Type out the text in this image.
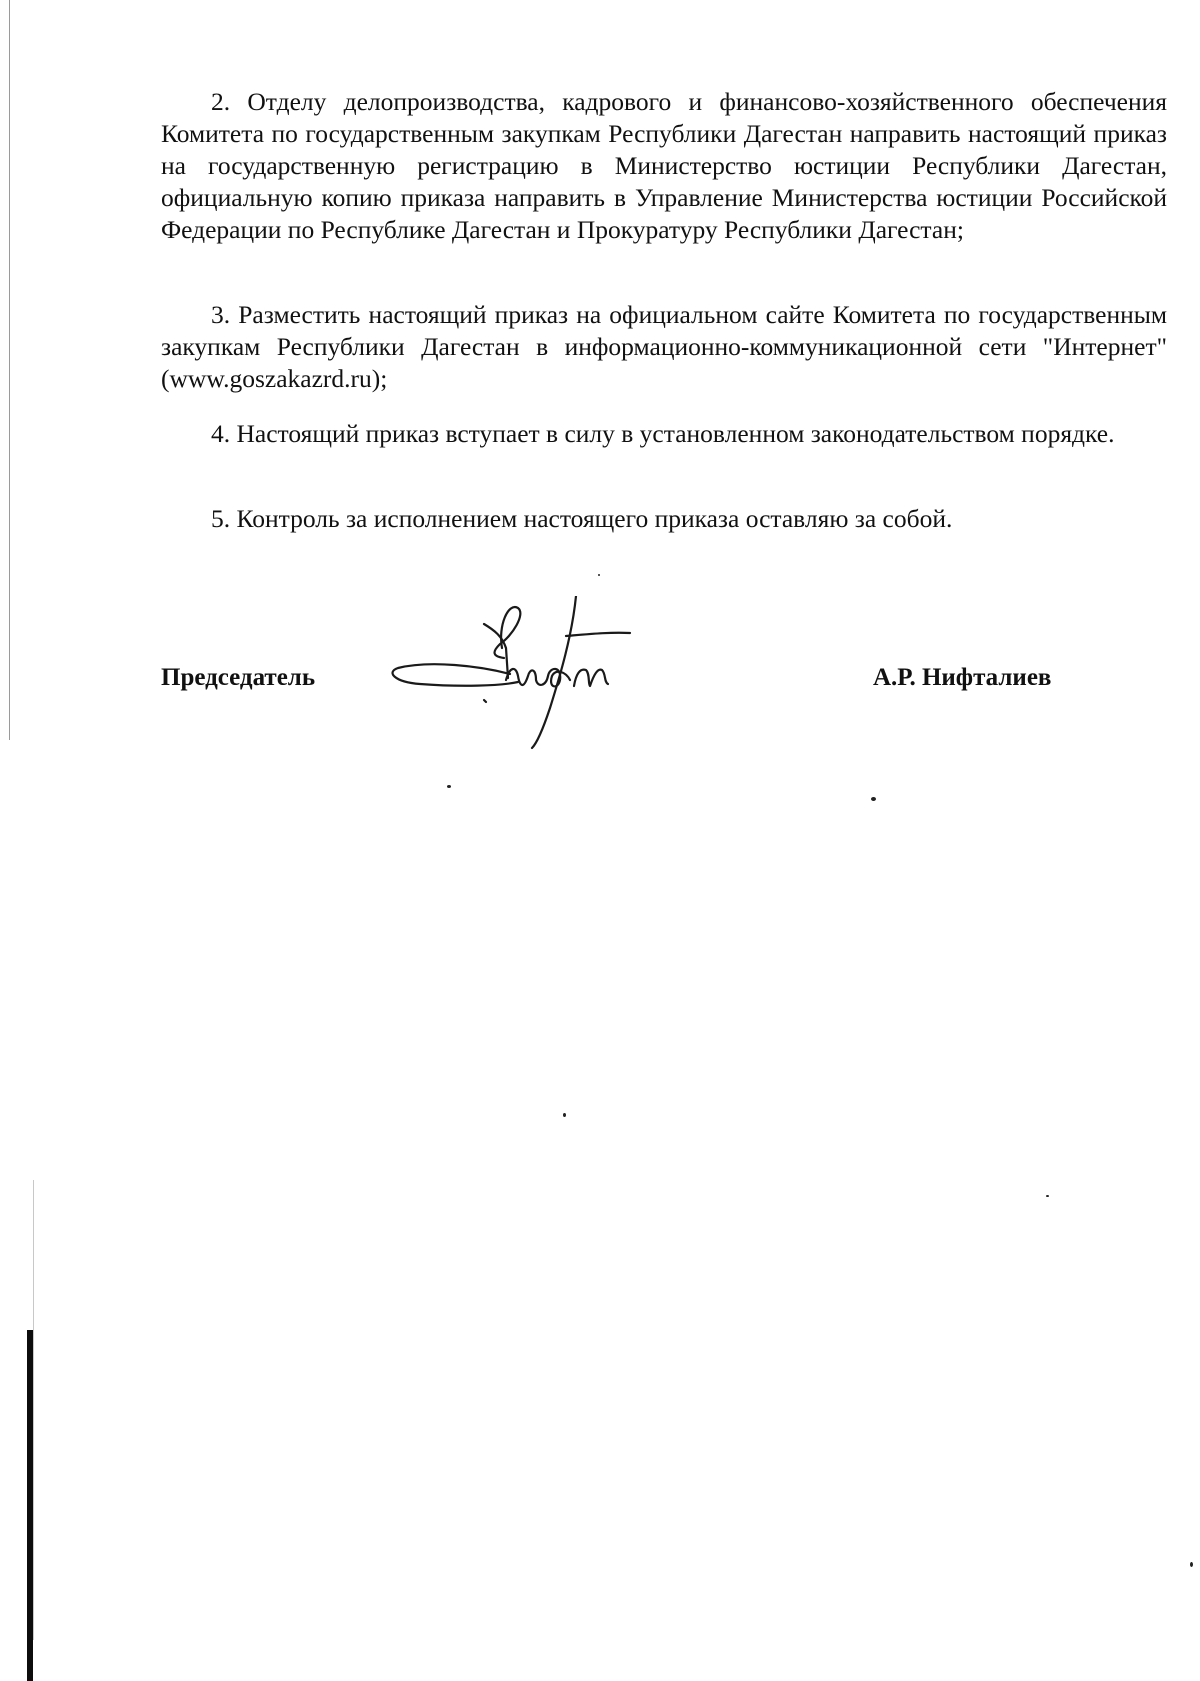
2. Отделу делопроизводства, кадрового и финансово-хозяйственного обеспечения Комитета по государственным закупкам Республики Дагестан направить настоящий приказ на государственную регистрацию в Министерство юстиции Республики Дагестан, официальную копию приказа направить в Управление Министерства юстиции Российской Федерации по Республике Дагестан и Прокуратуру Республики Дагестан;

3. Разместить настоящий приказ на официальном сайте Комитета по государственным закупкам Республики Дагестан в информационно-коммуникационной сети "Интернет" (www.goszakazrd.ru);

4. Настоящий приказ вступает в силу в установленном законодательством порядке.

5. Контроль за исполнением настоящего приказа оставляю за собой.

Председатель	А.Р. Нифталиев
